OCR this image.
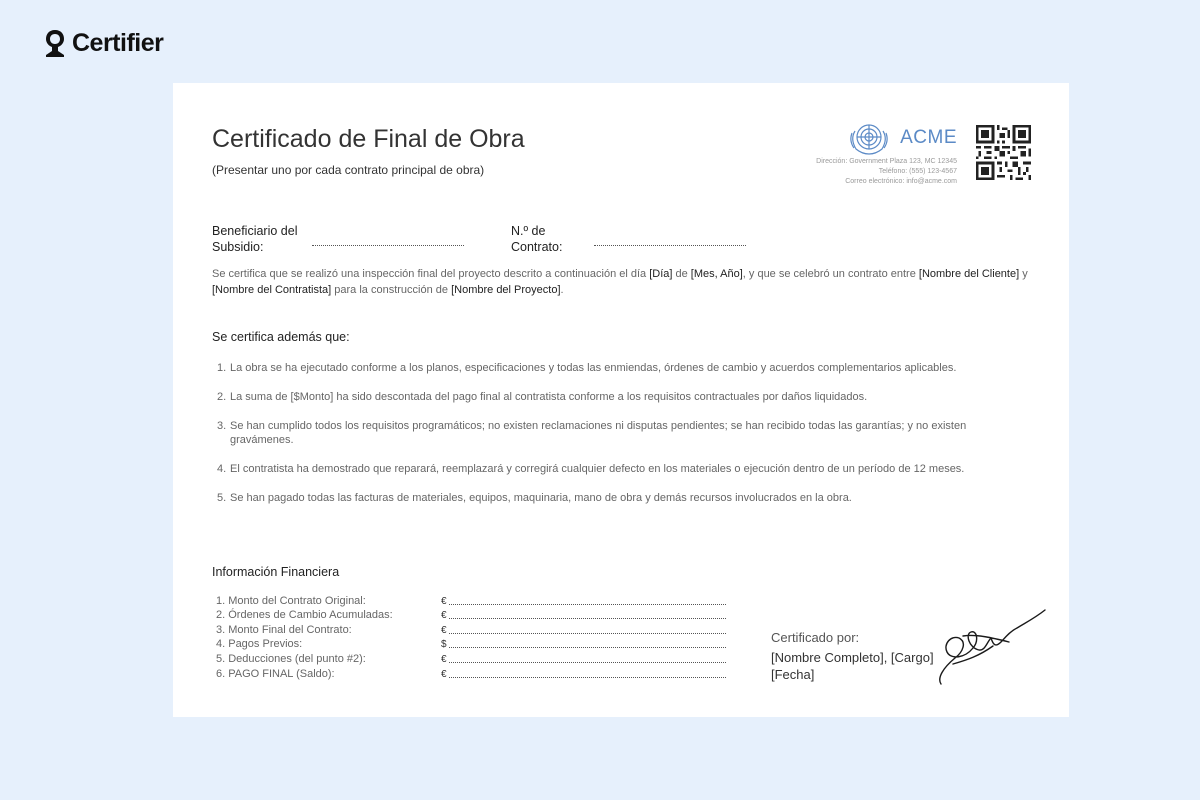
Certifier
Certificado de Final de Obra
(Presentar uno por cada contrato principal de obra)
ACME
Dirección: Government Plaza 123, MC 12345
Teléfono: (555) 123-4567
Correo electrónico: info@acme.com
Beneficiario del
Subsidio:
N.º de
Contrato:

Se certifica que se realizó una inspección final del proyecto descrito a continuación el día [Día] de [Mes, Año], y que se celebró un contrato entre [Nombre del Cliente] y [Nombre del Contratista] para la construcción de [Nombre del Proyecto].

Se certifica además que:
1. La obra se ha ejecutado conforme a los planos, especificaciones y todas las enmiendas, órdenes de cambio y acuerdos complementarios aplicables.
2. La suma de [$Monto] ha sido descontada del pago final al contratista conforme a los requisitos contractuales por daños liquidados.
3. Se han cumplido todos los requisitos programáticos; no existen reclamaciones ni disputas pendientes; se han recibido todas las garantías; y no existen gravámenes.
4. El contratista ha demostrado que reparará, reemplazará y corregirá cualquier defecto en los materiales o ejecución dentro de un período de 12 meses.
5. Se han pagado todas las facturas de materiales, equipos, maquinaria, mano de obra y demás recursos involucrados en la obra.
Información Financiera
1. Monto del Contrato Original:	€
2. Órdenes de Cambio Acumuladas:	€
3. Monto Final del Contrato:	€
4. Pagos Previos:	$
5. Deducciones (del punto #2):	€
6. PAGO FINAL (Saldo):	€
Certificado por:
[Nombre Completo], [Cargo]
[Fecha]
